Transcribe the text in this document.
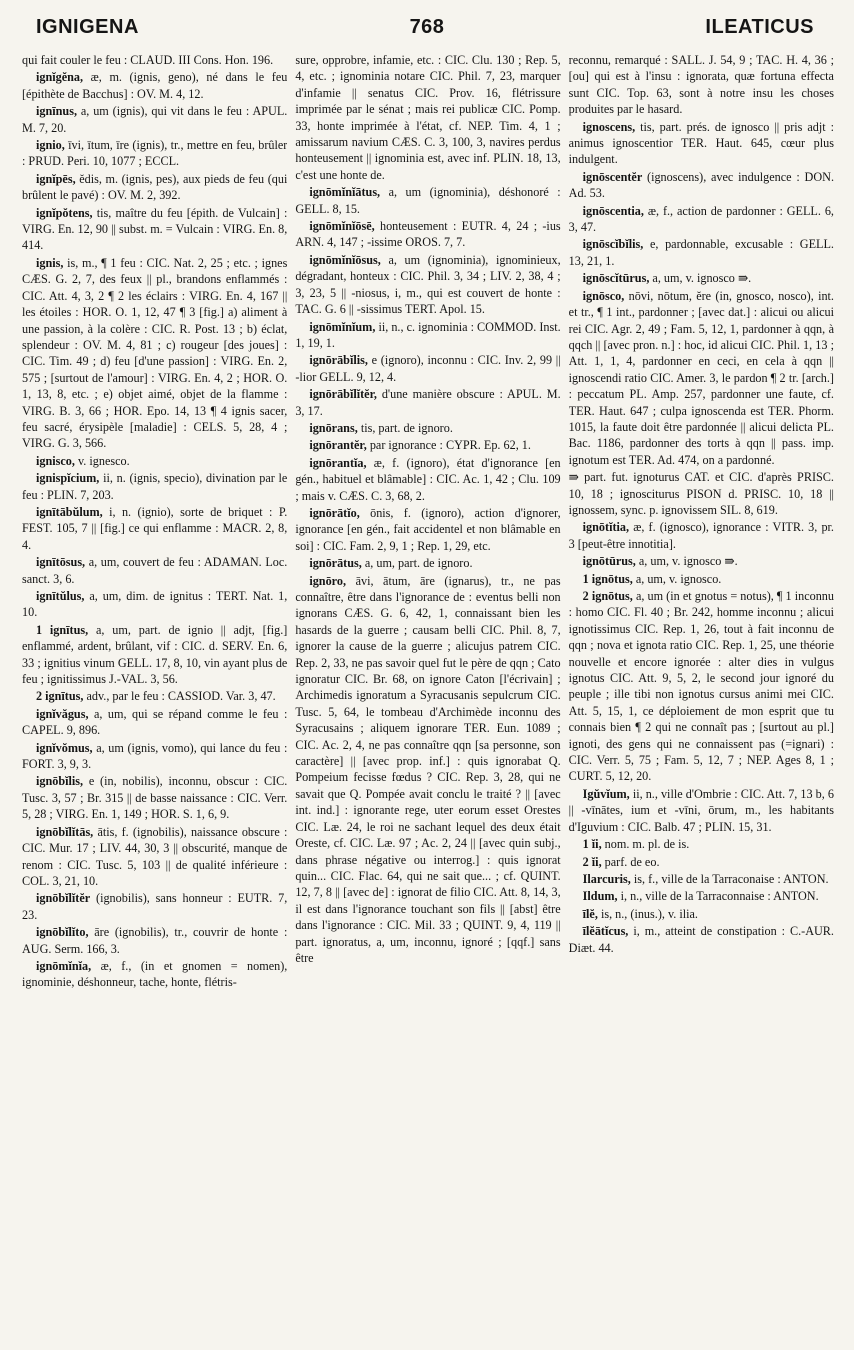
IGNIGENA	768	ILEATICUS

qui fait couler le feu : CLAUD. III Cons. Hon. 196.

ignĭgĕna, æ, m. (ignis, geno), né dans le feu [épithète de Bacchus] : OV. M. 4, 12.

ignīnus, a, um (ignis), qui vit dans le feu : APUL. M. 7, 20.

ignio, īvi, ītum, īre (ignis), tr., mettre en feu, brûler : PRUD. Peri. 10, 1077 ; ECCL.

ignĭpēs, ĕdis, m. (ignis, pes), aux pieds de feu (qui brûlent le pavé) : OV. M. 2, 392.

ignĭpŏtens, tis, maître du feu [épith. de Vulcain] : VIRG. En. 12, 90 || subst. m. = Vulcain : VIRG. En. 8, 414.

ignis, is, m., ¶ 1 feu : CIC. Nat. 2, 25 ; etc. ; ignes CÆS. G. 2, 7, des feux || pl., brandons enflammés : CIC. Att. 4, 3, 2 ¶ 2 les éclairs : VIRG. En. 4, 167 || les étoiles : HOR. O. 1, 12, 47 ¶ 3 [fig.] a) aliment à une passion, à la colère : CIC. R. Post. 13 ; b) éclat, splendeur : OV. M. 4, 81 ; c) rougeur [des joues] : CIC. Tim. 49 ; d) feu [d'une passion] : VIRG. En. 2, 575 ; [surtout de l'amour] : VIRG. En. 4, 2 ; HOR. O. 1, 13, 8, etc. ; e) objet aimé, objet de la flamme : VIRG. B. 3, 66 ; HOR. Epo. 14, 13 ¶ 4 ignis sacer, feu sacré, érysipèle [maladie] : CELS. 5, 28, 4 ; VIRG. G. 3, 566.

ignisco, v. ignesco.

ignispĭcium, ii, n. (ignis, specio), divination par le feu : PLIN. 7, 203.

ignītābŭlum, i, n. (ignio), sorte de briquet : P. FEST. 105, 7 || [fig.] ce qui enflamme : MACR. 2, 8, 4.

ignītōsus, a, um, couvert de feu : ADAMAN. Loc. sanct. 3, 6.

ignītŭlus, a, um, dim. de ignitus : TERT. Nat. 1, 10.

1 ignītus, a, um, part. de ignio || adjt, [fig.] enflammé, ardent, brûlant, vif : CIC. d. SERV. En. 6, 33 ; ignitius vinum GELL. 17, 8, 10, vin ayant plus de feu ; ignitissimus J.-VAL. 3, 56.

2 ignītus, adv., par le feu : CASSIOD. Var. 3, 47.

ignĭvăgus, a, um, qui se répand comme le feu : CAPEL. 9, 896.

ignĭvŏmus, a, um (ignis, vomo), qui lance du feu : FORT. 3, 9, 3.

ignōbĭlis, e (in, nobilis), inconnu, obscur : CIC. Tusc. 3, 57 ; Br. 315 || de basse naissance : CIC. Verr. 5, 28 ; VIRG. En. 1, 149 ; HOR. S. 1, 6, 9.

ignōbĭlĭtās, ātis, f. (ignobilis), naissance obscure : CIC. Mur. 17 ; LIV. 44, 30, 3 || obscurité, manque de renom : CIC. Tusc. 5, 103 || de qualité inférieure : COL. 3, 21, 10.

ignōbĭlĭtĕr (ignobilis), sans honneur : EUTR. 7, 23.

ignōbĭlĭto, āre (ignobilis), tr., couvrir de honte : AUG. Serm. 166, 3.

ignōmĭnĭa, æ, f., (in et gnomen = nomen), ignominie, déshonneur, tache, honte, flétris-

sure, opprobre, infamie, etc. : CIC. Clu. 130 ; Rep. 5, 4, etc. ; ignominia notare CIC. Phil. 7, 23, marquer d'infamie || senatus CIC. Prov. 16, flétrissure imprimée par le sénat ; mais rei publicæ CIC. Pomp. 33, honte imprimée à l'état, cf. NEP. Tim. 4, 1 ; amissarum navium CÆS. C. 3, 100, 3, navires perdus honteusement || ignominia est, avec inf. PLIN. 18, 13, c'est une honte de.

ignōmĭnĭātus, a, um (ignominia), déshonoré : GELL. 8, 15.

ignōmĭnĭōsē, honteusement : EUTR. 4, 24 ; -ius ARN. 4, 147 ; -issime OROS. 7, 7.

ignōmĭnĭōsus, a, um (ignominia), ignominieux, dégradant, honteux : CIC. Phil. 3, 34 ; LIV. 2, 38, 4 ; 3, 23, 5 || -niosus, i, m., qui est couvert de honte : TAC. G. 6 || -sissimus TERT. Apol. 15.

ignōmĭnĭum, ii, n., c. ignominia : COMMOD. Inst. 1, 19, 1.

ignōrābĭlis, e (ignoro), inconnu : CIC. Inv. 2, 99 || -lior GELL. 9, 12, 4.

ignōrābĭlĭtĕr, d'une manière obscure : APUL. M. 3, 17.

ignōrans, tis, part. de ignoro.

ignōrantĕr, par ignorance : CYPR. Ep. 62, 1.

ignōrantĭa, æ, f. (ignoro), état d'ignorance [en gén., habituel et blâmable] : CIC. Ac. 1, 42 ; Clu. 109 ; mais v. CÆS. C. 3, 68, 2.

ignōrātĭo, ōnis, f. (ignoro), action d'ignorer, ignorance [en gén., fait accidentel et non blâmable en soi] : CIC. Fam. 2, 9, 1 ; Rep. 1, 29, etc.

ignōrātus, a, um, part. de ignoro.

ignōro, āvi, ātum, āre (ignarus), tr., ne pas connaître, être dans l'ignorance de : eventus belli non ignorans CÆS. G. 6, 42, 1, connaissant bien les hasards de la guerre ; causam belli CIC. Phil. 8, 7, ignorer la cause de la guerre ; alicujus patrem CIC. Rep. 2, 33, ne pas savoir quel fut le père de qqn ; Cato ignoratur CIC. Br. 68, on ignore Caton [l'écrivain] ; Archimedis ignoratum a Syracusanis sepulcrum CIC. Tusc. 5, 64, le tombeau d'Archimède inconnu des Syracusains ; aliquem ignorare TER. Eun. 1089 ; CIC. Ac. 2, 4, ne pas connaître qqn [sa personne, son caractère] || [avec prop. inf.] : quis ignorabat Q. Pompeium fecisse fœdus ? CIC. Rep. 3, 28, qui ne savait que Q. Pompée avait conclu le traité ? || [avec int. ind.] : ignorante rege, uter eorum esset Orestes CIC. Læ. 24, le roi ne sachant lequel des deux était Oreste, cf. CIC. Læ. 97 ; Ac. 2, 24 || [avec quin subj., dans phrase négative ou interrog.] : quis ignorat quin... CIC. Flac. 64, qui ne sait que... ; cf. QUINT. 12, 7, 8 || [avec de] : ignorat de filio CIC. Att. 8, 14, 3, il est dans l'ignorance touchant son fils || [abst] être dans l'ignorance : CIC. Mil. 33 ; QUINT. 9, 4, 119 || part. ignoratus, a, um, inconnu, ignoré ; [qqf.] sans être

reconnu, remarqué : SALL. J. 54, 9 ; TAC. H. 4, 36 ; [ou] qui est à l'insu : ignorata, quæ fortuna effecta sunt CIC. Top. 63, sont à notre insu les choses produites par le hasard.

ignoscens, tis, part. prés. de ignosco || pris adjt : animus ignoscentior TER. Haut. 645, cœur plus indulgent.

ignōscentĕr (ignoscens), avec indulgence : DON. Ad. 53.

ignōscentia, æ, f., action de pardonner : GELL. 6, 3, 47.

ignōscĭbĭlis, e, pardonnable, excusable : GELL. 13, 21, 1.

ignōscĭtūrus, a, um, v. ignosco ⇛.

ignōsco, nōvi, nōtum, ĕre (in, gnosco, nosco), int. et tr., ¶ 1 int., pardonner ; [avec dat.] : alicui ou alicui rei CIC. Agr. 2, 49 ; Fam. 5, 12, 1, pardonner à qqn, à qqch || [avec pron. n.] : hoc, id alicui CIC. Phil. 1, 13 ; Att. 1, 1, 4, pardonner en ceci, en cela à qqn || ignoscendi ratio CIC. Amer. 3, le pardon ¶ 2 tr. [arch.] : peccatum PL. Amp. 257, pardonner une faute, cf. TER. Haut. 647 ; culpa ignoscenda est TER. Phorm. 1015, la faute doit être pardonnée || alicui delicta PL. Bac. 1186, pardonner des torts à qqn || pass. imp. ignotum est TER. Ad. 474, on a pardonné.

⇛ part. fut. ignoturus CAT. et CIC. d'après PRISC. 10, 18 ; ignosciturus PISON d. PRISC. 10, 18 || ignossem, sync. p. ignovissem SIL. 8, 619.

ignōtĭtia, æ, f. (ignosco), ignorance : VITR. 3, pr. 3 [peut-être innotitia].

ignōtūrus, a, um, v. ignosco ⇛.

1 ignōtus, a, um, v. ignosco.

2 ignōtus, a, um (in et gnotus = notus), ¶ 1 inconnu : homo CIC. Fl. 40 ; Br. 242, homme inconnu ; alicui ignotissimus CIC. Rep. 1, 26, tout à fait inconnu de qqn ; nova et ignota ratio CIC. Rep. 1, 25, une théorie nouvelle et encore ignorée : alter dies in vulgus ignotus CIC. Att. 9, 5, 2, le second jour ignoré du peuple ; ille tibi non ignotus cursus animi mei CIC. Att. 5, 15, 1, ce déploiement de mon esprit que tu connais bien ¶ 2 qui ne connaît pas ; [surtout au pl.] ignoti, des gens qui ne connaissent pas (=ignari) : CIC. Verr. 5, 75 ; Fam. 5, 12, 7 ; NEP. Ages 8, 1 ; CURT. 5, 12, 20.

Igŭvĭum, ii, n., ville d'Ombrie : CIC. Att. 7, 13 b, 6 || -vīnātes, ium et -vīni, ōrum, m., les habitants d'Iguvium : CIC. Balb. 47 ; PLIN. 15, 31.

1 ĭi, nom. m. pl. de is.

2 ĭi, parf. de eo.

Ilarcuris, is, f., ville de la Tarraconaise : ANTON.

Ildum, i, n., ville de la Tarraconnaise : ANTON.

īlĕ, is, n., (inus.), v. ilia.

īlĕātĭcus, i, m., atteint de constipation : C.-AUR. Diæt. 44.
